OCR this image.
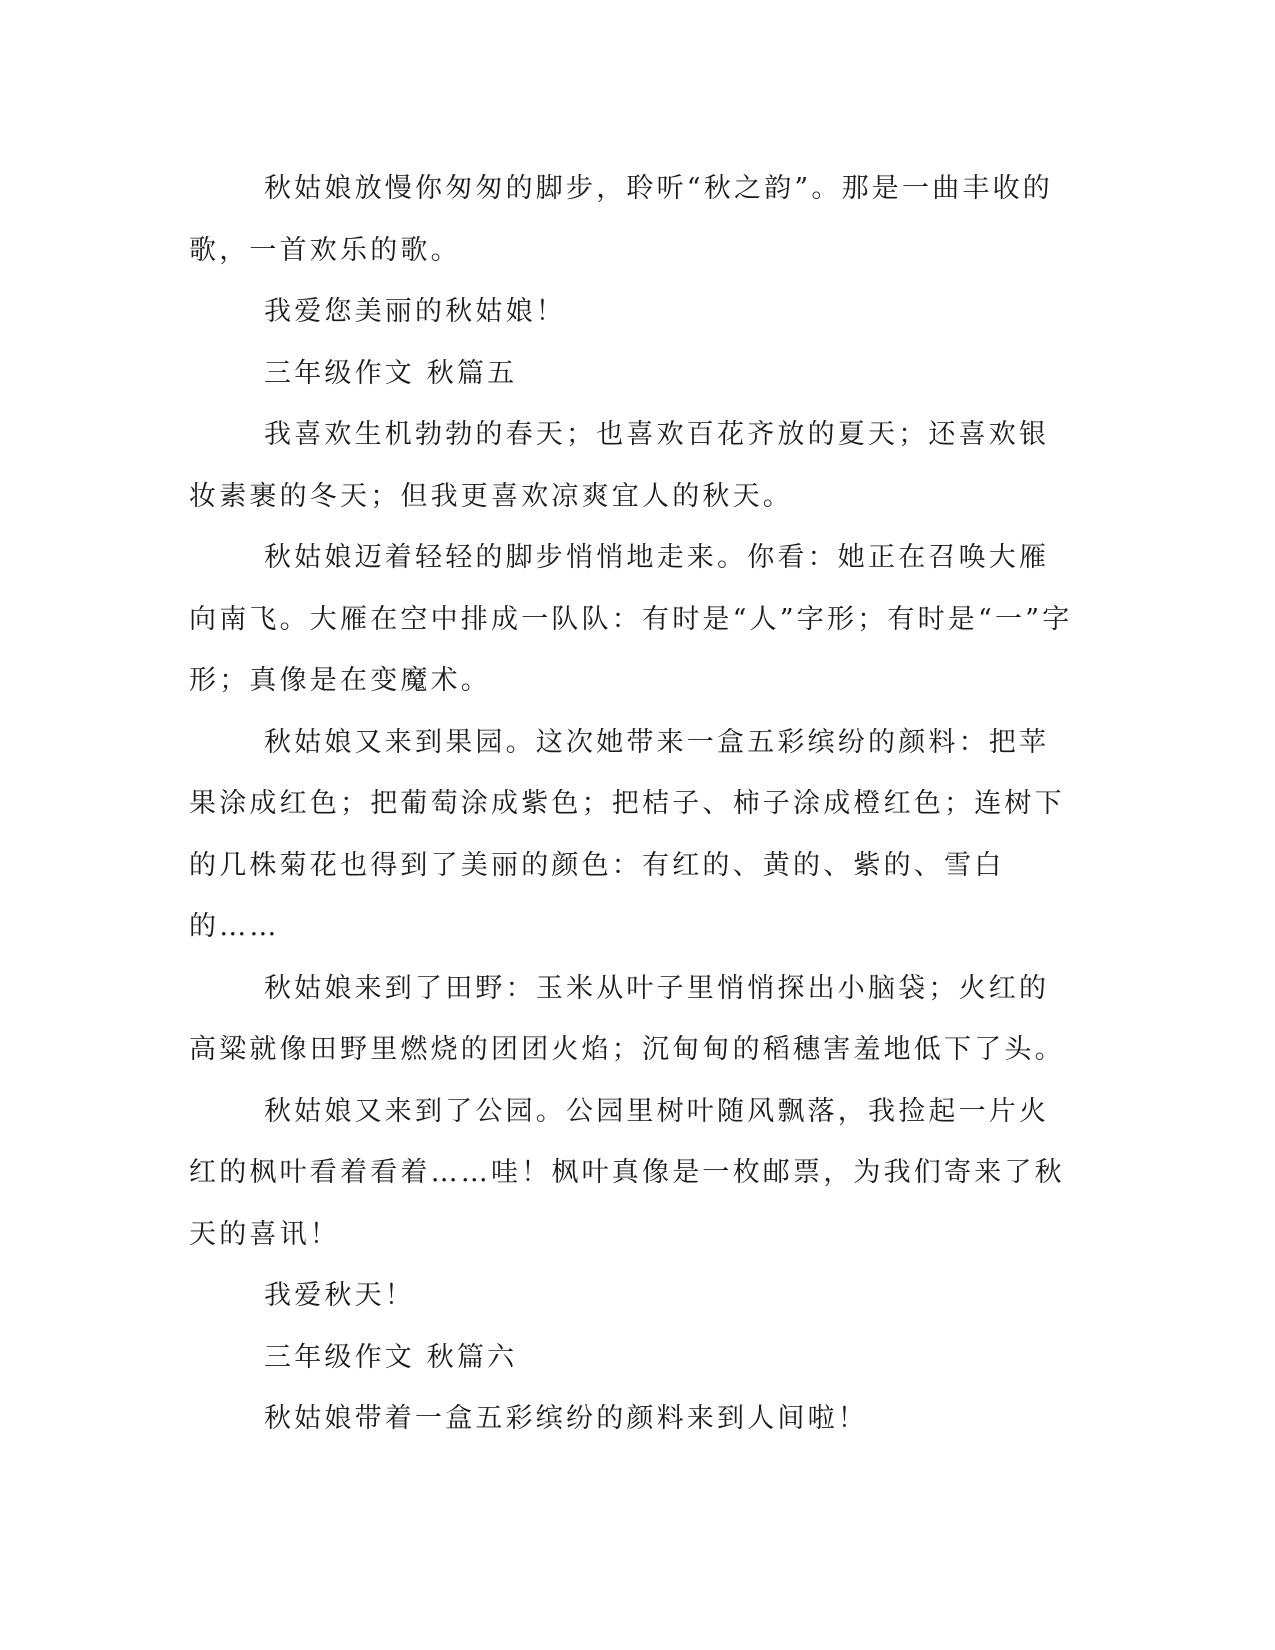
秋姑娘放慢你匆匆的脚步，聆听“秋之韵”。那是一曲丰收的歌，一首欢乐的歌。

我爱您美丽的秋姑娘！

三年级作文 秋篇五

我喜欢生机勃勃的春天；也喜欢百花齐放的夏天；还喜欢银妆素裹的冬天；但我更喜欢凉爽宜人的秋天。

秋姑娘迈着轻轻的脚步悄悄地走来。你看：她正在召唤大雁向南飞。大雁在空中排成一队队：有时是“人”字形；有时是“一”字形；真像是在变魔术。

秋姑娘又来到果园。这次她带来一盒五彩缤纷的颜料：把苹果涂成红色；把葡萄涂成紫色；把桔子、柿子涂成橙红色；连树下的几株菊花也得到了美丽的颜色：有红的、黄的、紫的、雪白的……

秋姑娘来到了田野：玉米从叶子里悄悄探出小脑袋；火红的高粱就像田野里燃烧的团团火焰；沉甸甸的稻穗害羞地低下了头。

秋姑娘又来到了公园。公园里树叶随风飘落，我捡起一片火红的枫叶看着看着……哇！枫叶真像是一枚邮票，为我们寄来了秋天的喜讯！

我爱秋天！

三年级作文 秋篇六

秋姑娘带着一盒五彩缤纷的颜料来到人间啦！
